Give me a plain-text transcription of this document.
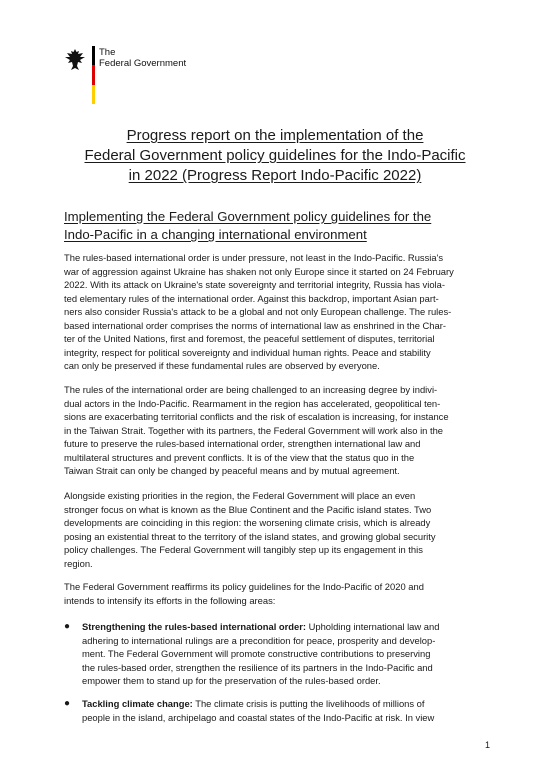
The
Federal Government
Progress report on the implementation of the
Federal Government policy guidelines for the Indo-Pacific
in 2022 (Progress Report Indo-Pacific 2022)
Implementing the Federal Government policy guidelines for the
Indo-Pacific in a changing international environment

The rules-based international order is under pressure, not least in the Indo-Pacific. Russia's
war of aggression against Ukraine has shaken not only Europe since it started on 24 February
2022. With its attack on Ukraine's state sovereignty and territorial integrity, Russia has viola-
ted elementary rules of the international order. Against this backdrop, important Asian part-
ners also consider Russia's attack to be a global and not only European challenge. The rules-
based international order comprises the norms of international law as enshrined in the Char-
ter of the United Nations, first and foremost, the peaceful settlement of disputes, territorial
integrity, respect for political sovereignty and individual human rights. Peace and stability
can only be preserved if these fundamental rules are observed by everyone.

The rules of the international order are being challenged to an increasing degree by indivi-
dual actors in the Indo-Pacific. Rearmament in the region has accelerated, geopolitical ten-
sions are exacerbating territorial conflicts and the risk of escalation is increasing, for instance
in the Taiwan Strait. Together with its partners, the Federal Government will work also in the
future to preserve the rules-based international order, strengthen international law and
multilateral structures and prevent conflicts. It is of the view that the status quo in the
Taiwan Strait can only be changed by peaceful means and by mutual agreement.

Alongside existing priorities in the region, the Federal Government will place an even
stronger focus on what is known as the Blue Continent and the Pacific island states. Two
developments are coinciding in this region: the worsening climate crisis, which is already
posing an existential threat to the territory of the island states, and growing global security
policy challenges. The Federal Government will tangibly step up its engagement in this
region.

The Federal Government reaffirms its policy guidelines for the Indo-Pacific of 2020 and
intends to intensify its efforts in the following areas:

● Strengthening the rules-based international order: Upholding international law and
adhering to international rulings are a precondition for peace, prosperity and develop-
ment. The Federal Government will promote constructive contributions to preserving
the rules-based order, strengthen the resilience of its partners in the Indo-Pacific and
empower them to stand up for the preservation of the rules-based order.
● Tackling climate change: The climate crisis is putting the livelihoods of millions of
people in the island, archipelago and coastal states of the Indo-Pacific at risk. In view
1
